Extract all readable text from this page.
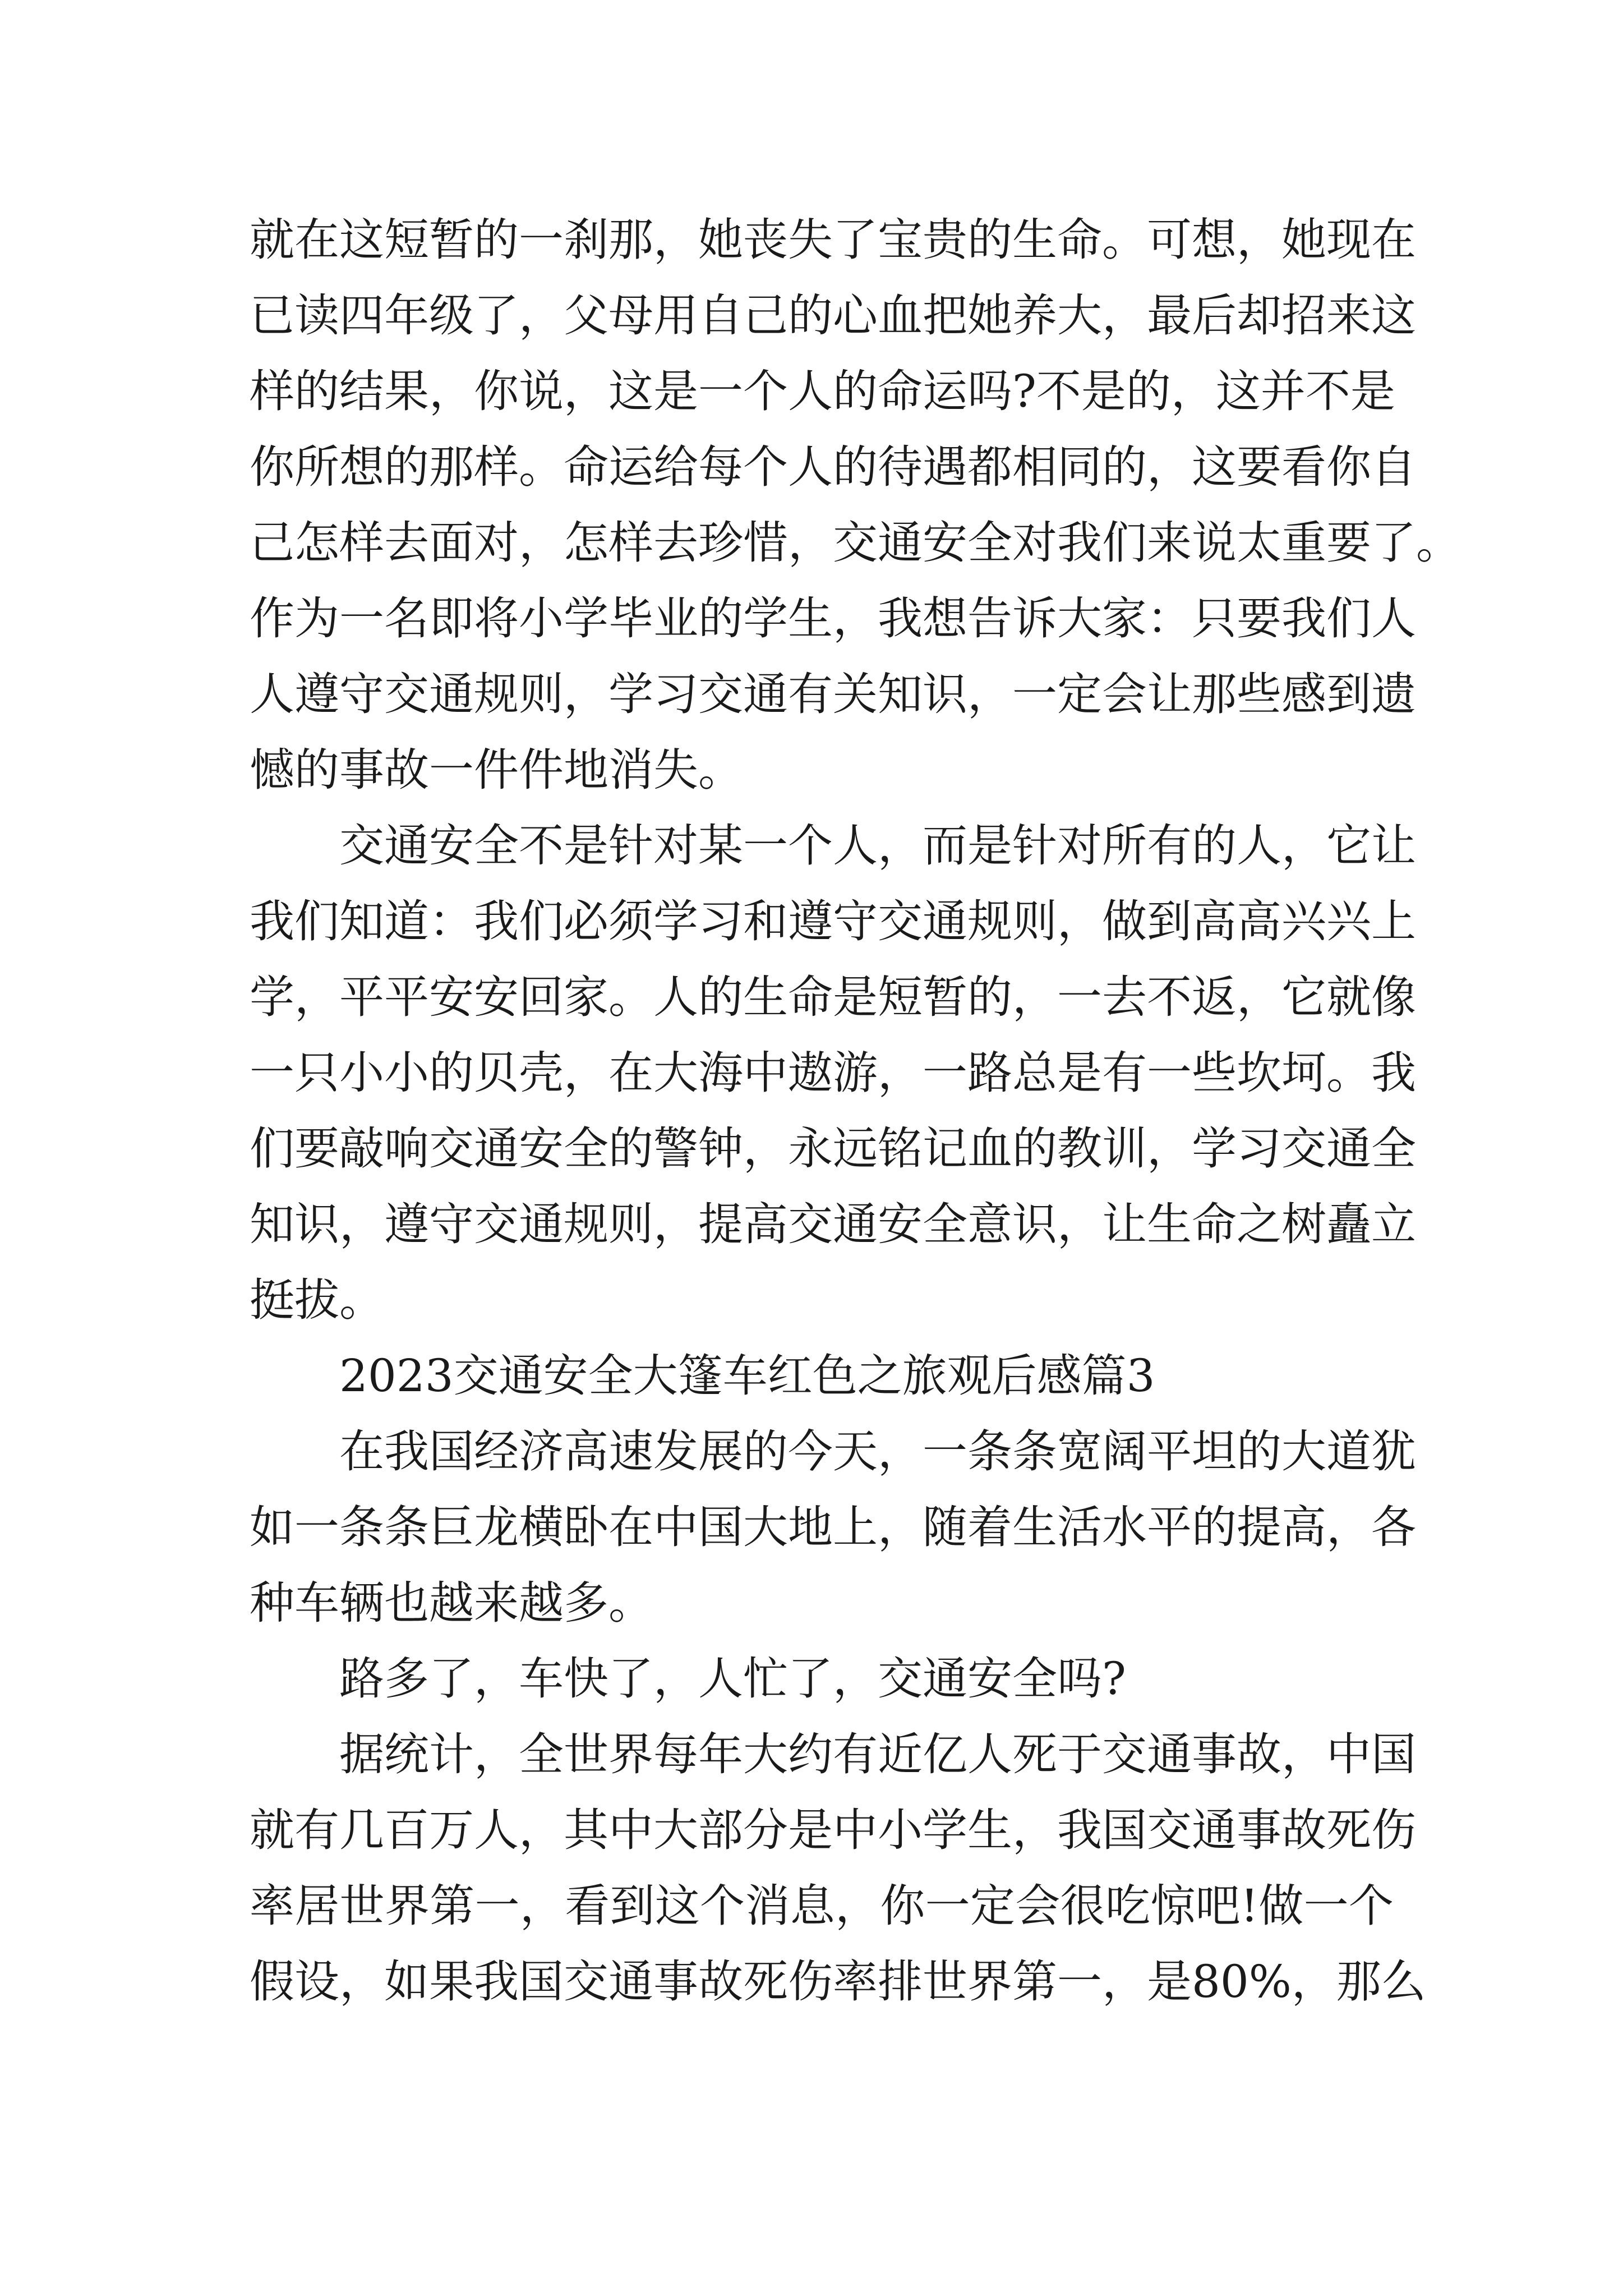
就在这短暂的一刹那，她丧失了宝贵的生命。可想，她现在
已读四年级了，父母用自己的心血把她养大，最后却招来这
样的结果，你说，这是一个人的命运吗?不是的，这并不是
你所想的那样。命运给每个人的待遇都相同的，这要看你自
己怎样去面对，怎样去珍惜，交通安全对我们来说太重要了。
作为一名即将小学毕业的学生，我想告诉大家：只要我们人
人遵守交通规则，学习交通有关知识，一定会让那些感到遗
憾的事故一件件地消失。
交通安全不是针对某一个人，而是针对所有的人，它让
我们知道：我们必须学习和遵守交通规则，做到高高兴兴上
学，平平安安回家。人的生命是短暂的，一去不返，它就像
一只小小的贝壳，在大海中遨游，一路总是有一些坎坷。我
们要敲响交通安全的警钟，永远铭记血的教训，学习交通全
知识，遵守交通规则，提高交通安全意识，让生命之树矗立
挺拔。
2023交通安全大篷车红色之旅观后感篇3
在我国经济高速发展的今天，一条条宽阔平坦的大道犹
如一条条巨龙横卧在中国大地上，随着生活水平的提高，各
种车辆也越来越多。
路多了，车快了，人忙了，交通安全吗?
据统计，全世界每年大约有近亿人死于交通事故，中国
就有几百万人，其中大部分是中小学生，我国交通事故死伤
率居世界第一，看到这个消息，你一定会很吃惊吧!做一个
假设，如果我国交通事故死伤率排世界第一，是80%，那么
